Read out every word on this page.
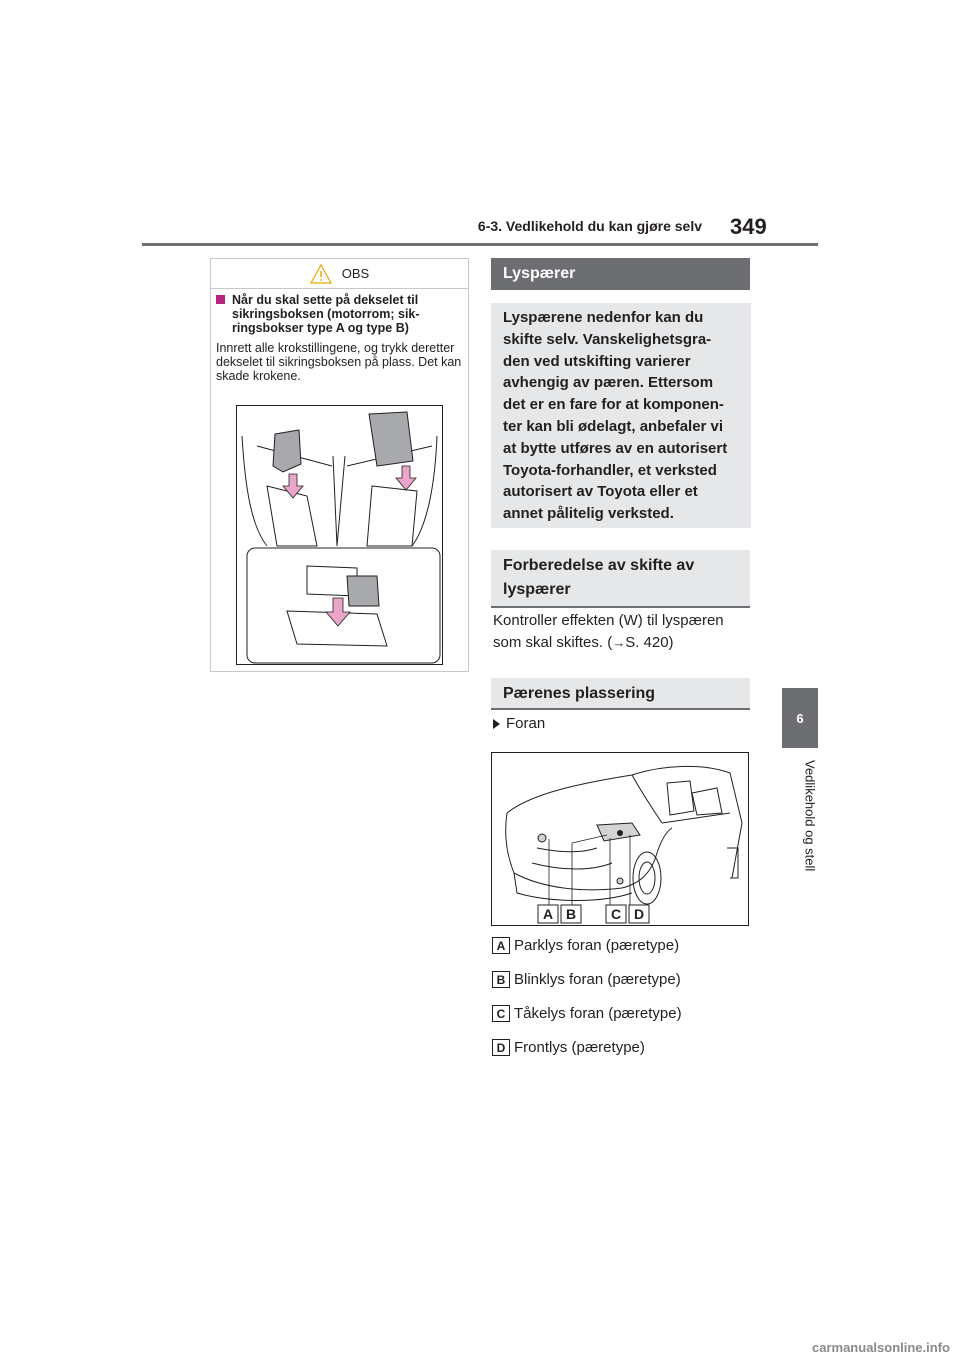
6-3. Vedlikehold du kan gjøre selv 349
6
Vedlikehold og stell
OBS
Når du skal sette på dekselet til sikringsboksen (motorrom; sik-ringsbokser type A og type B)
Innrett alle krokstillingene, og trykk deretter dekselet til sikringsboksen på plass. Det kan skade krokene.
Lyspærer
Lyspærene nedenfor kan du
skifte selv. Vanskelighetsgra-
den ved utskifting varierer
avhengig av pæren. Ettersom
det er en fare for at komponen-
ter kan bli ødelagt, anbefaler vi
at bytte utføres av en autorisert
Toyota-forhandler, et verksted
autorisert av Toyota eller et
annet pålitelig verksted.
Forberedelse av skifte av
lyspærer
Kontroller effekten (W) til lyspæren
som skal skiftes. (→S. 420)
Pærenes plassering
Foran
A B C D
A Parklys foran (pæretype)
B Blinklys foran (pæretype)
C Tåkelys foran (pæretype)
D Frontlys (pæretype)
carmanualsonline.info
